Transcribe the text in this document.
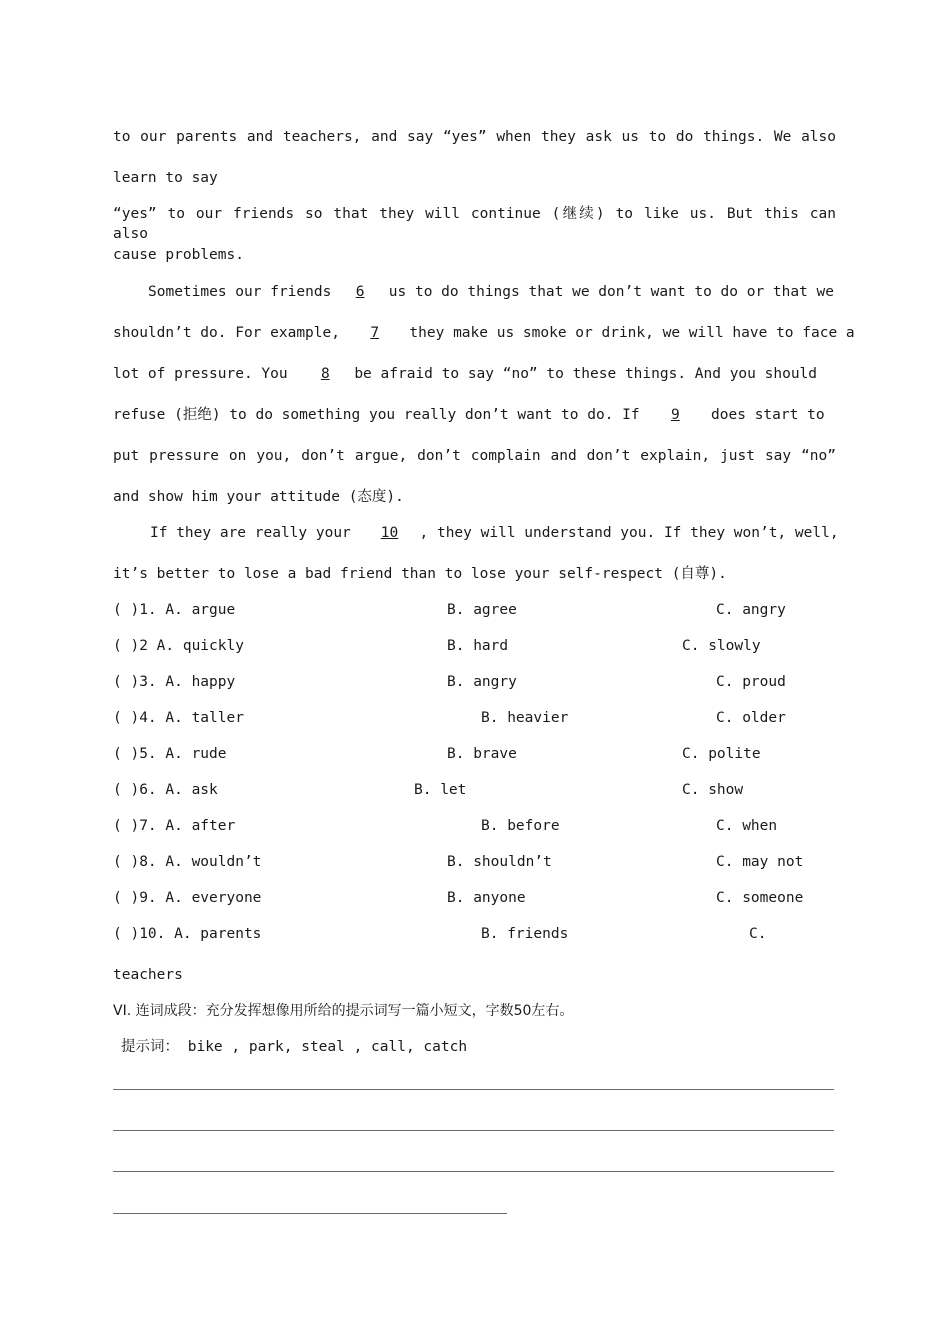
to our parents and teachers, and say “yes” when they ask us to do things. We also
learn to say
“yes” to our friends so that they will continue (继续) to like us. But this can also
cause problems.
Sometimes our friends 6 us to do things that we don’t want to do or that we
shouldn’t do. For example, 7 they make us smoke or drink, we will have to face a
lot of pressure. You 8 be afraid to say “no” to these things. And you should
refuse (拒绝) to do something you really don’t want to do. If 9 does start to
put pressure on you, don’t argue, don’t complain and don’t explain, just say “no”
and show him your attitude (态度).
If they are really your 10 , they will understand you. If they won’t, well,
it’s better to lose a bad friend than to lose your self-respect (自尊).
( )1. A. argue	B. agree	C. angry
( )2 A. quickly	B. hard	C. slowly
( )3. A. happy	B. angry	C. proud
( )4. A. taller	B. heavier	C. older
( )5. A. rude	B. brave	C. polite
( )6. A. ask	B. let	C. show
( )7. A. after	B. before	C. when
( )8. A. wouldn’t	B. shouldn’t	C. may not
( )9. A. everyone	B. anyone	C. someone
( )10. A. parents	B. friends	C.
teachers
VI. 连词成段：充分发挥想像用所给的提示词写一篇小短文，字数50左右。
提示词： bike , park, steal , call, catch
